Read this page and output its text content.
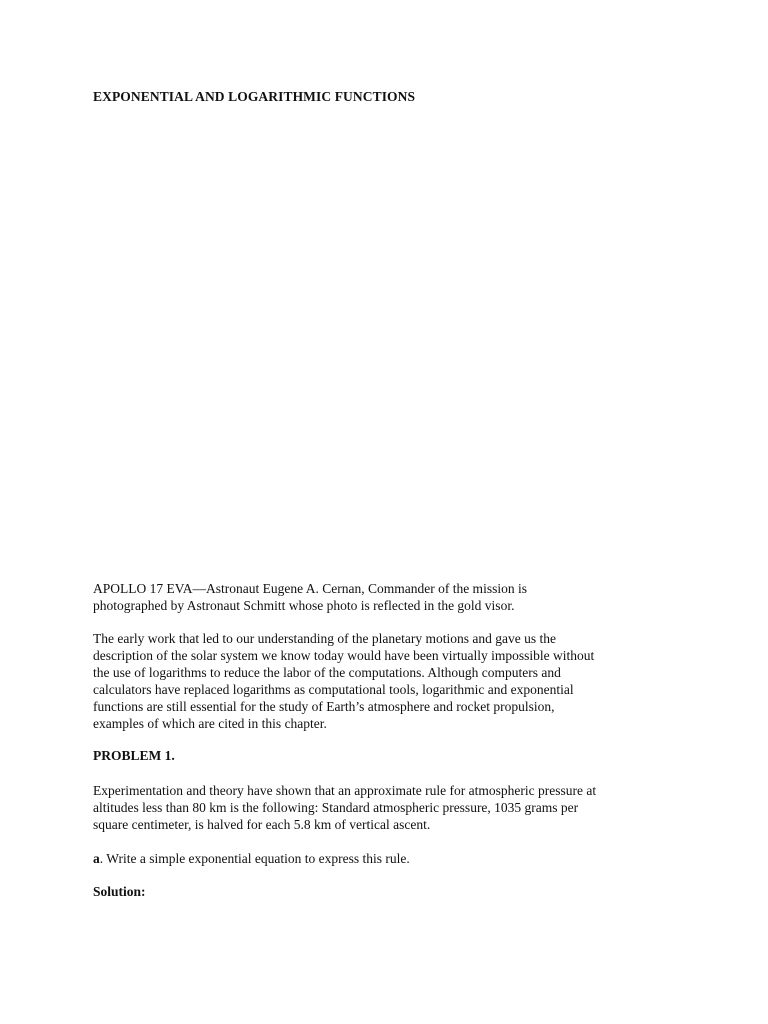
EXPONENTIAL AND LOGARITHMIC FUNCTIONS
APOLLO 17 EVA—Astronaut Eugene A. Cernan, Commander of the mission is
photographed by Astronaut Schmitt whose photo is reflected in the gold visor.
The early work that led to our understanding of the planetary motions and gave us the
description of the solar system we know today would have been virtually impossible without
the use of logarithms to reduce the labor of the computations. Although computers and
calculators have replaced logarithms as computational tools, logarithmic and exponential
functions are still essential for the study of Earth’s atmosphere and rocket propulsion,
examples of which are cited in this chapter.
PROBLEM 1.
Experimentation and theory have shown that an approximate rule for atmospheric pressure at
altitudes less than 80 km is the following: Standard atmospheric pressure, 1035 grams per
square centimeter, is halved for each 5.8 km of vertical ascent.
a. Write a simple exponential equation to express this rule.

Solution:
